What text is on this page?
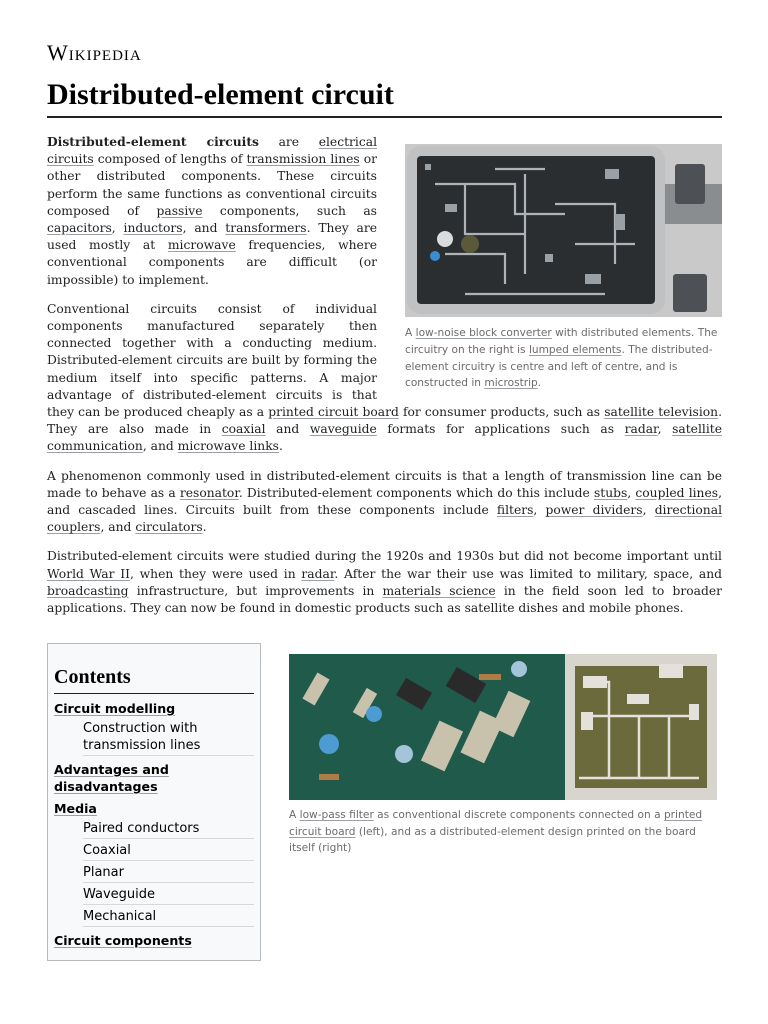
Wikipedia
Distributed-element circuit
A low-noise block converter with distributed elements. The circuitry on the right is lumped elements. The distributed-element circuitry is centre and left of centre, and is constructed in microstrip.

Distributed-element circuits are electrical circuits composed of lengths of transmission lines or other distributed components. These circuits perform the same functions as conventional circuits composed of passive components, such as capacitors, inductors, and transformers. They are used mostly at microwave frequencies, where conventional components are difficult (or impossible) to implement.

Conventional circuits consist of individual components manufactured separately then connected together with a conducting medium. Distributed-element circuits are built by forming the medium itself into specific patterns. A major advantage of distributed-element circuits is that they can be produced cheaply as a printed circuit board for consumer products, such as satellite television. They are also made in coaxial and waveguide formats for applications such as radar, satellite communication, and microwave links.

A phenomenon commonly used in distributed-element circuits is that a length of transmission line can be made to behave as a resonator. Distributed-element components which do this include stubs, coupled lines, and cascaded lines. Circuits built from these components include filters, power dividers, directional couplers, and circulators.

Distributed-element circuits were studied during the 1920s and 1930s but did not become important until World War II, when they were used in radar. After the war their use was limited to military, space, and broadcasting infrastructure, but improvements in materials science in the field soon led to broader applications. They can now be found in domestic products such as satellite dishes and mobile phones.

Contents
Circuit modelling
Construction with transmission lines
Advantages and disadvantages
Media
Paired conductors
Coaxial
Planar
Waveguide
Mechanical
Circuit components
A low-pass filter as conventional discrete components connected on a printed circuit board (left), and as a distributed-element design printed on the board itself (right)
